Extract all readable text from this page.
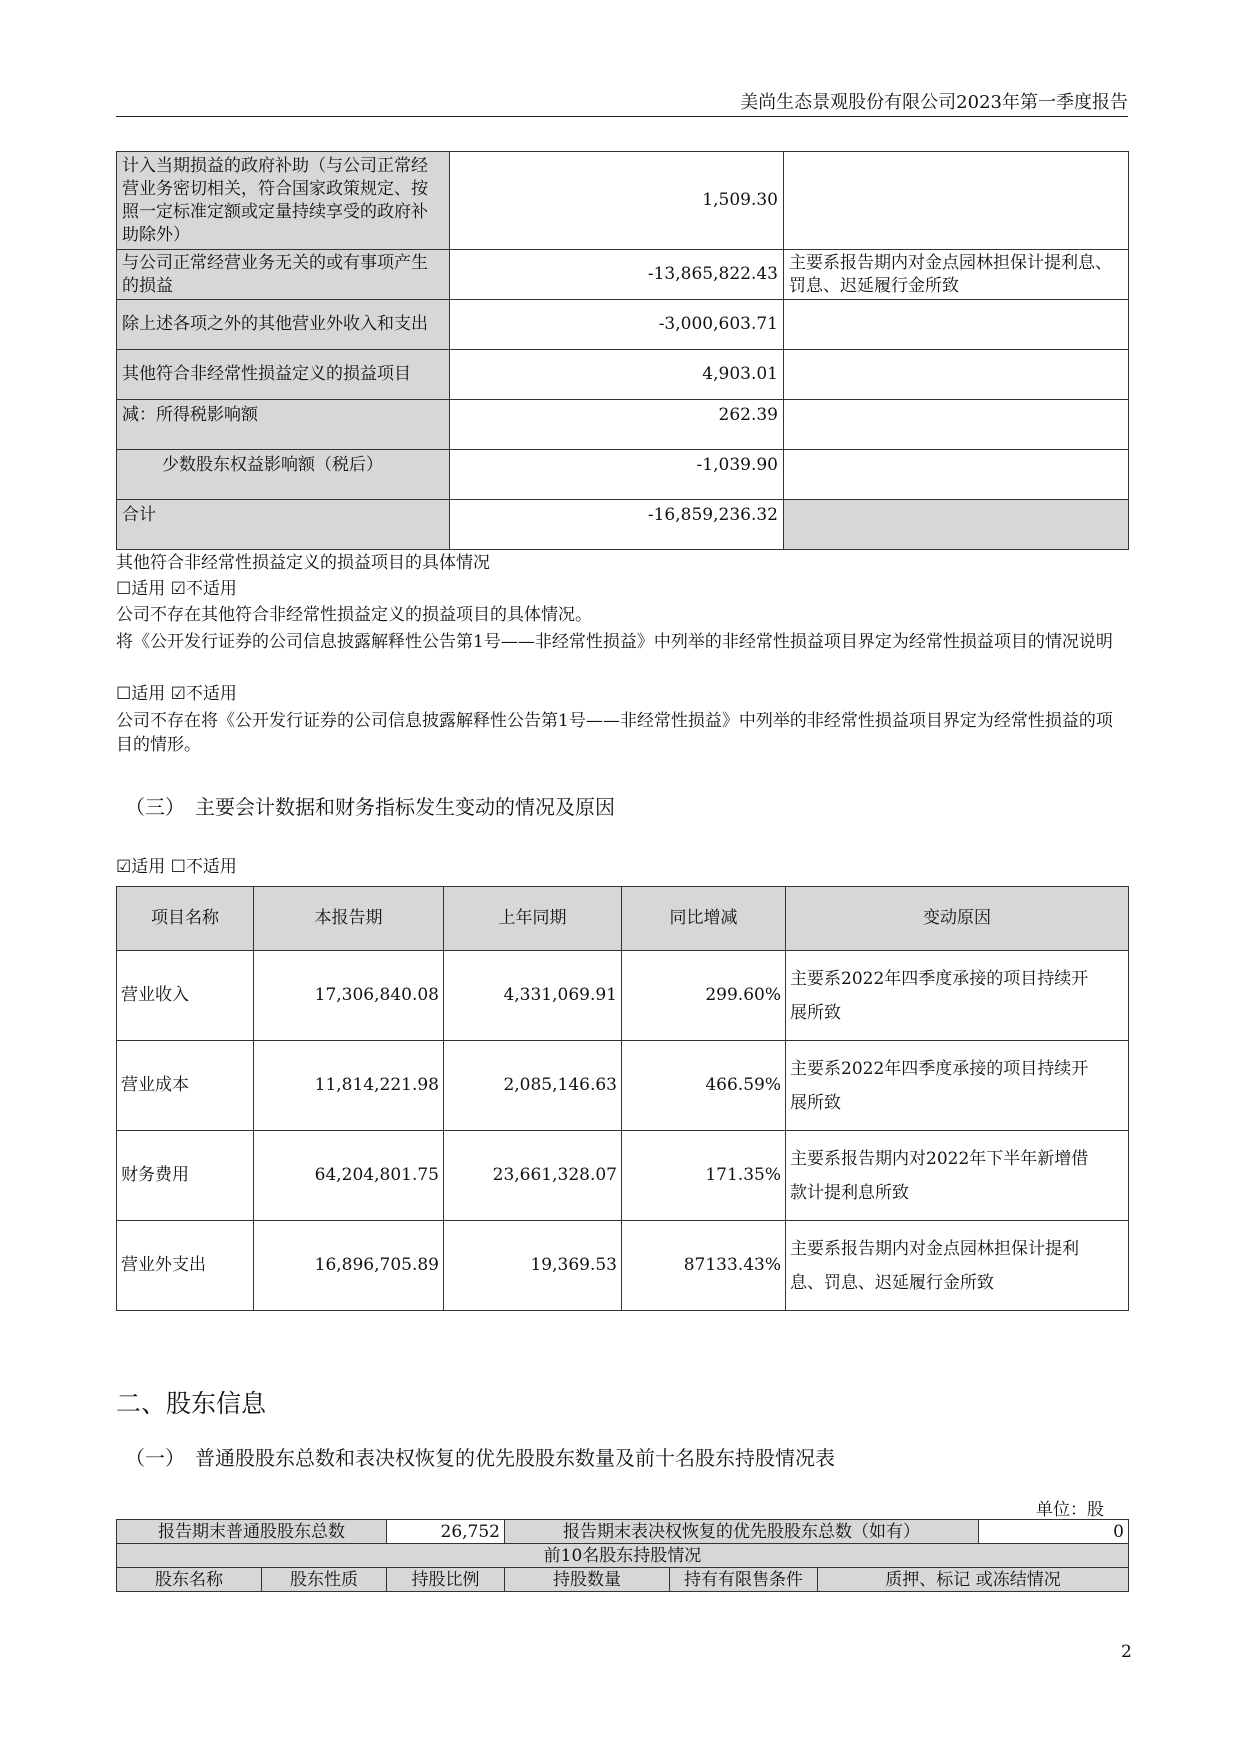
美尚生态景观股份有限公司2023年第一季度报告
计入当期损益的政府补助（与公司正常经营业务密切相关，符合国家政策规定、按照一定标准定额或定量持续享受的政府补助除外）	1,509.30	
与公司正常经营业务无关的或有事项产生的损益	-13,865,822.43	主要系报告期内对金点园林担保计提利息、罚息、迟延履行金所致
除上述各项之外的其他营业外收入和支出	-3,000,603.71	
其他符合非经常性损益定义的损益项目	4,903.01	
减：所得税影响额	262.39	
少数股东权益影响额（税后）	-1,039.90	
合计	-16,859,236.32	

其他符合非经常性损益定义的损益项目的具体情况

☐适用 ☑不适用

公司不存在其他符合非经常性损益定义的损益项目的具体情况。

将《公开发行证券的公司信息披露解释性公告第1号——非经常性损益》中列举的非经常性损益项目界定为经常性损益项目的情况说明

☐适用 ☑不适用

公司不存在将《公开发行证券的公司信息披露解释性公告第1号——非经常性损益》中列举的非经常性损益项目界定为经常性损益的项目的情形。

（三）　主要会计数据和财务指标发生变动的情况及原因

☑适用 ☐不适用

项目名称	本报告期	上年同期	同比增减	变动原因
营业收入	17,306,840.08	4,331,069.91	299.60%	主要系2022年四季度承接的项目持续开
展所致

营业成本	11,814,221.98	2,085,146.63	466.59%	主要系2022年四季度承接的项目持续开
展所致

财务费用	64,204,801.75	23,661,328.07	171.35%	主要系报告期内对2022年下半年新增借
款计提利息所致

营业外支出	16,896,705.89	19,369.53	87133.43%	主要系报告期内对金点园林担保计提利
息、罚息、迟延履行金所致
二、股东信息
（一）　普通股股东总数和表决权恢复的优先股股东数量及前十名股东持股情况表
单位：股
报告期末普通股股东总数		26,752	报告期末表决权恢复的优先股股东总数（如有）			0
前10名股东持股情况						
股东名称	股东性质	持股比例	持股数量	持有有限售条件	质押、标记 或冻结情况	
2
